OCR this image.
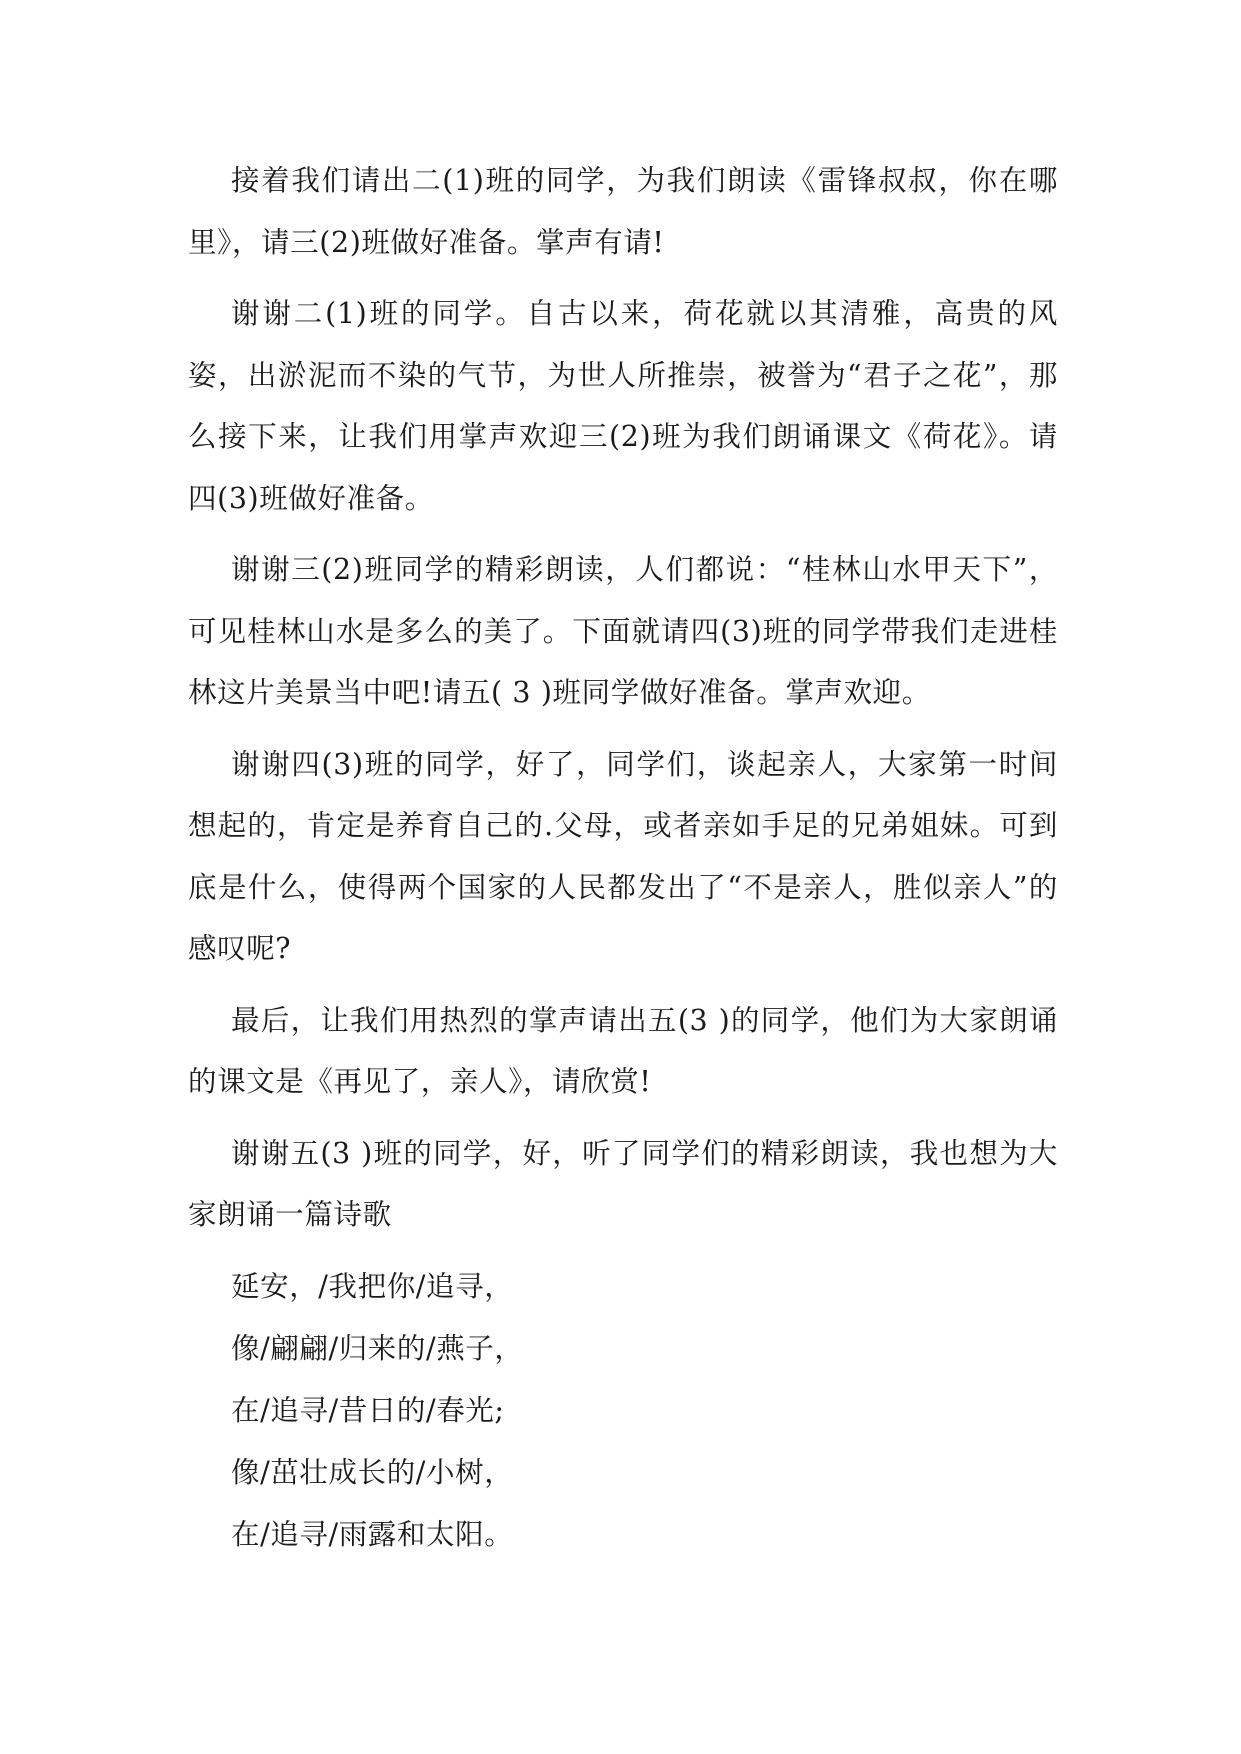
接着我们请出二(1)班的同学，为我们朗读《雷锋叔叔，你在哪里》，请三(2)班做好准备。掌声有请!

谢谢二(1)班的同学。自古以来，荷花就以其清雅，高贵的风姿，出淤泥而不染的气节，为世人所推崇，被誉为“君子之花”，那么接下来，让我们用掌声欢迎三(2)班为我们朗诵课文《荷花》。请四(3)班做好准备。

谢谢三(2)班同学的精彩朗读，人们都说：“桂林山水甲天下”，可见桂林山水是多么的美了。下面就请四(3)班的同学带我们走进桂林这片美景当中吧!请五( 3 )班同学做好准备。掌声欢迎。

谢谢四(3)班的同学，好了，同学们，谈起亲人，大家第一时间想起的，肯定是养育自己的.父母，或者亲如手足的兄弟姐妹。可到底是什么，使得两个国家的人民都发出了“不是亲人，胜似亲人”的感叹呢?

最后，让我们用热烈的掌声请出五(3 )的同学，他们为大家朗诵的课文是《再见了，亲人》，请欣赏!

谢谢五(3 )班的同学，好，听了同学们的精彩朗读，我也想为大家朗诵一篇诗歌

延安，/我把你/追寻，

像/翩翩/归来的/燕子，

在/追寻/昔日的/春光;

像/茁壮成长的/小树，

在/追寻/雨露和太阳。
